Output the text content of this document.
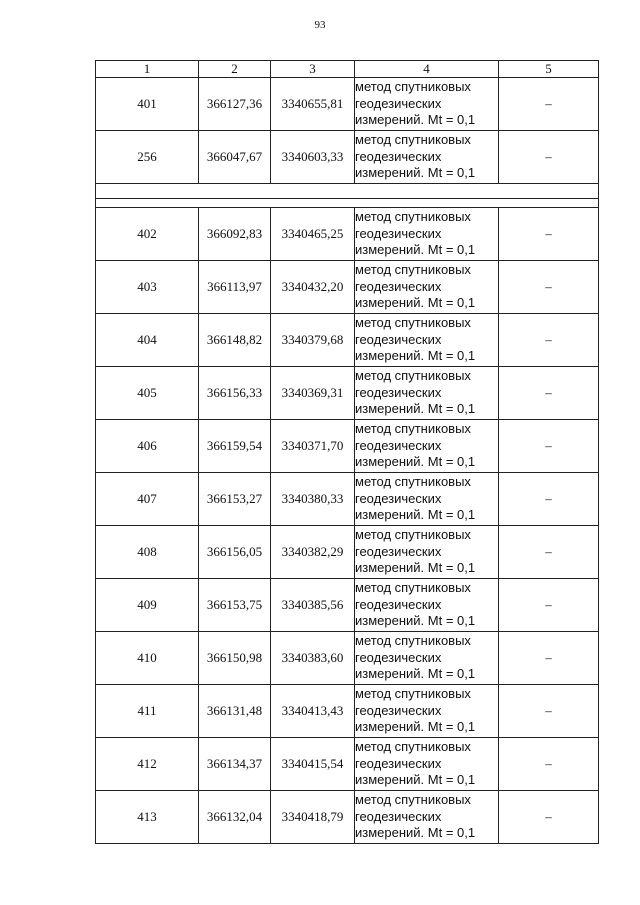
93
1	2	3	4	5
401	366127,36	3340655,81	метод спутниковых
геодезических
измерений. Mt = 0,1	–
256	366047,67	3340603,33	метод спутниковых
геодезических
измерений. Mt = 0,1	–

402	366092,83	3340465,25	метод спутниковых
геодезических
измерений. Mt = 0,1	–
403	366113,97	3340432,20	метод спутниковых
геодезических
измерений. Mt = 0,1	–
404	366148,82	3340379,68	метод спутниковых
геодезических
измерений. Mt = 0,1	–
405	366156,33	3340369,31	метод спутниковых
геодезических
измерений. Mt = 0,1	–
406	366159,54	3340371,70	метод спутниковых
геодезических
измерений. Mt = 0,1	–
407	366153,27	3340380,33	метод спутниковых
геодезических
измерений. Mt = 0,1	–
408	366156,05	3340382,29	метод спутниковых
геодезических
измерений. Mt = 0,1	–
409	366153,75	3340385,56	метод спутниковых
геодезических
измерений. Mt = 0,1	–
410	366150,98	3340383,60	метод спутниковых
геодезических
измерений. Mt = 0,1	–
411	366131,48	3340413,43	метод спутниковых
геодезических
измерений. Mt = 0,1	–
412	366134,37	3340415,54	метод спутниковых
геодезических
измерений. Mt = 0,1	–
413	366132,04	3340418,79	метод спутниковых
геодезических
измерений. Mt = 0,1	–
